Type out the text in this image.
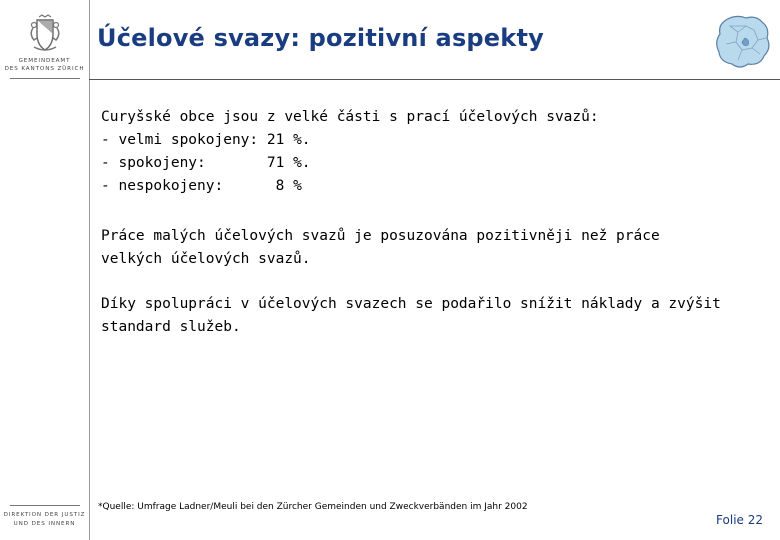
GEMEINDEAMT
DES KANTONS ZÜRICH
DIREKTION DER JUSTIZ
UND DES INNERN
Účelové svazy: pozitivní aspekty

Curyšské obce jsou z velké části s prací účelových svazů:

- velmi spokojeny: 21 %.
- spokojeny:       71 %.
- nespokojeny:      8 %

Práce malých účelových svazů je posuzována pozitivněji než práce
velkých účelových svazů.

Díky spolupráci v účelových svazech se podařilo snížit náklady a zvýšit
standard služeb.

*Quelle: Umfrage Ladner/Meuli bei den Zürcher Gemeinden und Zweckverbänden im Jahr 2002
Folie 22
